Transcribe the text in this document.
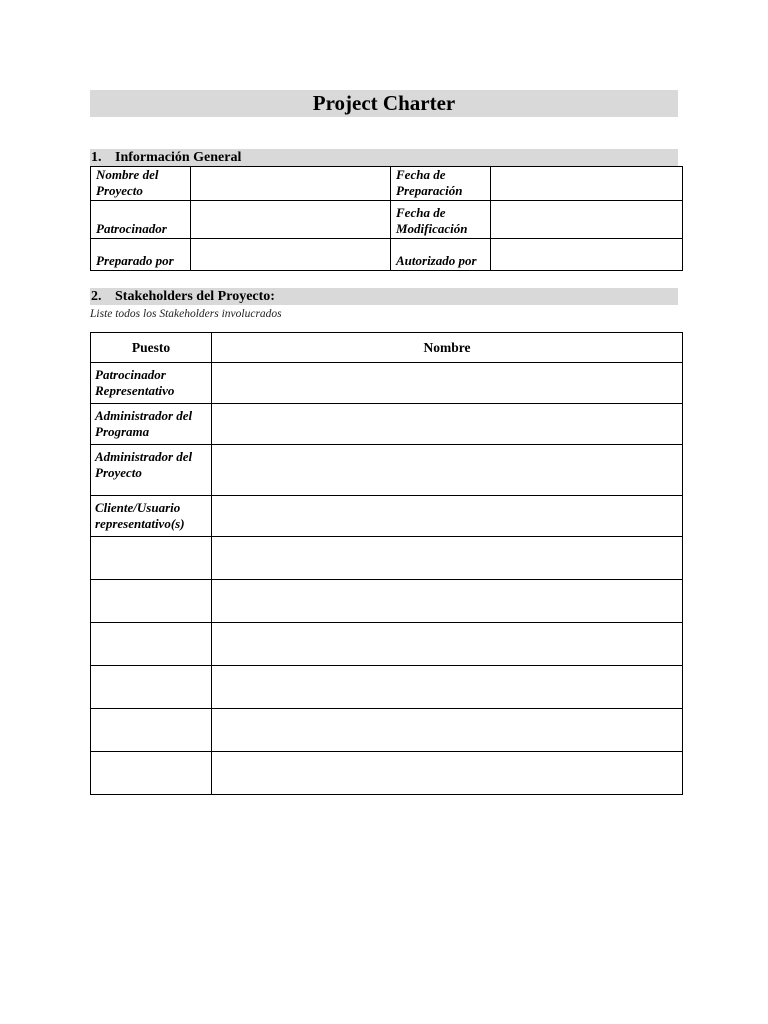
Project Charter
1. Información General
Nombre del Proyecto		Fecha de Preparación	
Patrocinador		Fecha de Modificación	
Preparado por		Autorizado por	
2. Stakeholders del Proyecto:
Liste todos los Stakeholders involucrados
Puesto	Nombre
Patrocinador Representativo	
Administrador del Programa	
Administrador del Proyecto	
Cliente/Usuario representativo(s)	
